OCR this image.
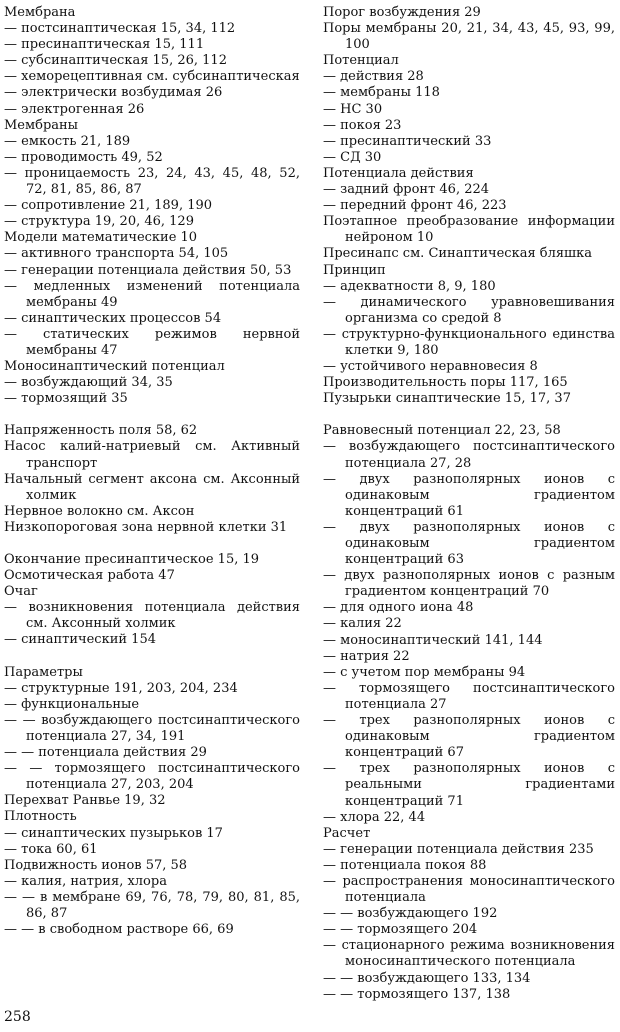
Мембрана

— постсинаптическая 15, 34, 112

— пресинаптическая 15, 111

— субсинаптическая 15, 26, 112

— хеморецептивная см. субсинаптическая

— электрически возбудимая 26

— электрогенная 26

Мембраны

— емкость 21, 189

— проводимость 49, 52

— проницаемость 23, 24, 43, 45, 48, 52, 72, 81, 85, 86, 87

— сопротивление 21, 189, 190

— структура 19, 20, 46, 129

Модели математические 10

— активного транспорта 54, 105

— генерации потенциала действия 50, 53

— медленных изменений потенциала мембраны 49

— синаптических процессов 54

— статических режимов нервной мембраны 47

Моносинаптический потенциал

— возбуждающий 34, 35

— тормозящий 35

Напряженность поля 58, 62

Насос калий-натриевый см. Активный транспорт

Начальный сегмент аксона см. Аксонный холмик

Нервное волокно см. Аксон

Низкопороговая зона нервной клетки 31

Окончание пресинаптическое 15, 19

Осмотическая работа 47

Очаг

— возникновения потенциала действия см. Аксонный холмик

— синаптический 154

Параметры

— структурные 191, 203, 204, 234

— функциональные

— — возбуждающего постсинаптического потенциала 27, 34, 191

— — потенциала действия 29

— — тормозящего постсинаптического потенциала 27, 203, 204

Перехват Ранвье 19, 32

Плотность

— синаптических пузырьков 17

— тока 60, 61

Подвижность ионов 57, 58

— калия, натрия, хлора

— — в мембране 69, 76, 78, 79, 80, 81, 85, 86, 87

— — в свободном растворе 66, 69

Порог возбуждения 29

Поры мембраны 20, 21, 34, 43, 45, 93, 99, 100

Потенциал

— действия 28

— мембраны 118

— НС 30

— покоя 23

— пресинаптический 33

— СД 30

Потенциала действия

— задний фронт 46, 224

— передний фронт 46, 223

Поэтапное преобразование информации нейроном 10

Пресинапс см. Синаптическая бляшка

Принцип

— адекватности 8, 9, 180

— динамического уравновешивания организма со средой 8

— структурно-функционального единства клетки 9, 180

— устойчивого неравновесия 8

Производительность поры 117, 165

Пузырьки синаптические 15, 17, 37

Равновесный потенциал 22, 23, 58

— возбуждающего постсинаптического потенциала 27, 28

— двух разнополярных ионов с одинаковым градиентом концентраций 61

— двух разнополярных ионов с одинаковым градиентом концентраций 63

— двух разнополярных ионов с разным градиентом концентраций 70

— для одного иона 48

— калия 22

— моносинаптический 141, 144

— натрия 22

— с учетом пор мембраны 94

— тормозящего постсинаптического потенциала 27

— трех разнополярных ионов с одинаковым градиентом концентраций 67

— трех разнополярных ионов с реальными градиентами концентраций 71

— хлора 22, 44

Расчет

— генерации потенциала действия 235

— потенциала покоя 88

— распространения моносинаптического потенциала

— — возбуждающего 192

— — тормозящего 204

— стационарного режима возникновения моносинаптического потенциала

— — возбуждающего 133, 134

— — тормозящего 137, 138

258
